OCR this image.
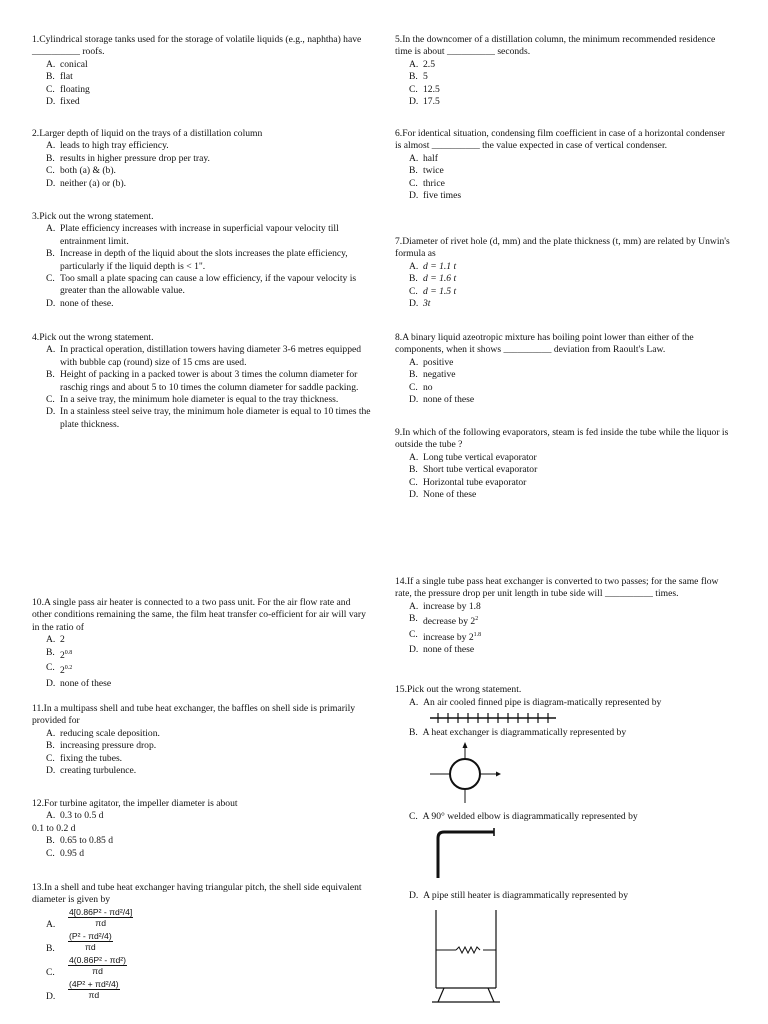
1.Cylindrical storage tanks used for the storage of volatile liquids (e.g., naphtha) have __________ roofs.

A. conical
B. flat
C. floating
D. fixed

2.Larger depth of liquid on the trays of a distillation column

A. leads to high tray efficiency.
B. results in higher pressure drop per tray.
C. both (a) & (b).
D. neither (a) or (b).

3.Pick out the wrong statement.

A. Plate efficiency increases with increase in superficial vapour velocity till entrainment limit.
B. Increase in depth of the liquid about the slots increases the plate efficiency, particularly if the liquid depth is < 1".
C. Too small a plate spacing can cause a low efficiency, if the vapour velocity is greater than the allowable value.
D. none of these.

4.Pick out the wrong statement.

A. In practical operation, distillation towers having diameter 3-6 metres equipped with bubble cap (round) size of 15 cms are used.
B. Height of packing in a packed tower is about 3 times the column diameter for raschig rings and about 5 to 10 times the column diameter for saddle packing.
C. In a seive tray, the minimum hole diameter is equal to the tray thickness.
D. In a stainless steel seive tray, the minimum hole diameter is equal to 10 times the plate thickness.

5.In the downcomer of a distillation column, the minimum recommended residence time is about __________ seconds.

A. 2.5
B. 5
C. 12.5
D. 17.5

6.For identical situation, condensing film coefficient in case of a horizontal condenser is almost __________ the value expected in case of vertical condenser.

A. half
B. twice
C. thrice
D. five times

7.Diameter of rivet hole (d, mm) and the plate thickness (t, mm) are related by Unwin's formula as

A. d = 1.1 t
B. d = 1.6 t
C. d = 1.5 t
D. 3t

8.A binary liquid azeotropic mixture has boiling point lower than either of the components, when it shows __________ deviation from Raoult's Law.

A. positive
B. negative
C. no
D. none of these

9.In which of the following evaporators, steam is fed inside the tube while the liquor is outside the tube ?

A. Long tube vertical evaporator
B. Short tube vertical evaporator
C. Horizontal tube evaporator
D. None of these

10.A single pass air heater is connected to a two pass unit. For the air flow rate and other conditions remaining the same, the film heat transfer co-efficient for air will vary in the ratio of

A. 2
B. $2^{0.8}$
C. $2^{0.2}$
D. none of these

11.In a multipass shell and tube heat exchanger, the baffles on shell side is primarily provided for

A. reducing scale deposition.
B. increasing pressure drop.
C. fixing the tubes.
D. creating turbulence.

12.For turbine agitator, the impeller diameter is about

A. 0.3 to 0.5 d
0.1 to 0.2 d
B. 0.65 to 0.85 d
C. 0.95 d

13.In a shell and tube heat exchanger having triangular pitch, the shell side equivalent diameter is given by

A. $\frac{\text{4[0.86P² - πd²/4]}}{\pi d}$
B. $\frac{\text{(P² - πd²/4)}}{\pi d}$
C. $\frac{\text{4(0.86P² - πd²)}}{\pi d}$
D. $\frac{\text{(4P² + πd²/4)}}{\pi d}$

14.If a single tube pass heat exchanger is converted to two passes; for the same flow rate, the pressure drop per unit length in tube side will __________ times.

A. increase by 1.8
B. decrease by $2^2$
C. increase by $2^{1.8}$
D. none of these

15.Pick out the wrong statement.

A. An air cooled finned pipe is diagram-matically represented by
B. A heat exchanger is diagrammatically represented by
C. A 90° welded elbow is diagrammatically represented by
D. A pipe still heater is diagrammatically represented by
